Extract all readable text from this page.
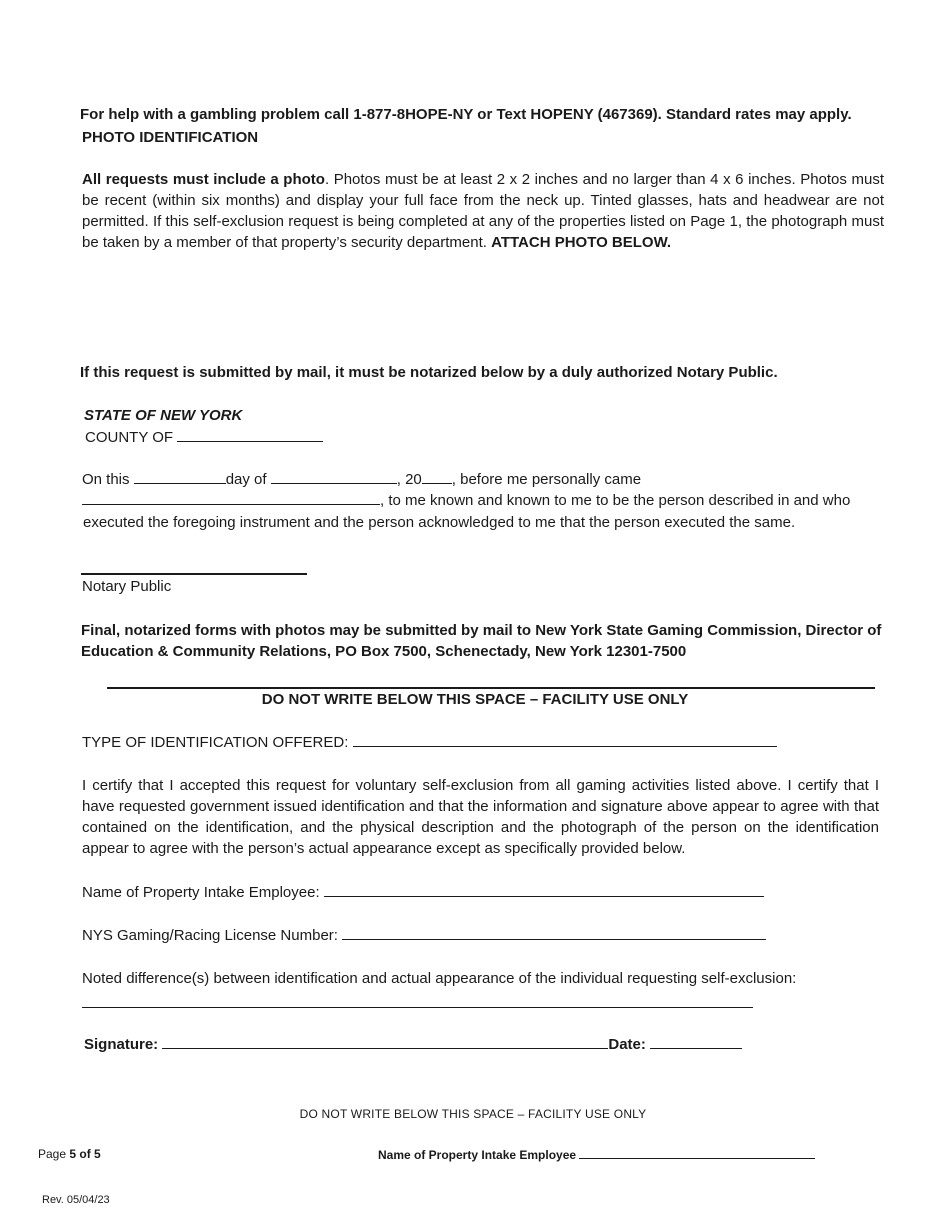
For help with a gambling problem call 1-877-8HOPE-NY or Text HOPENY (467369). Standard rates may apply.
PHOTO IDENTIFICATION
All requests must include a photo. Photos must be at least 2 x 2 inches and no larger than 4 x 6 inches. Photos must be recent (within six months) and display your full face from the neck up. Tinted glasses, hats and headwear are not permitted. If this self-exclusion request is being completed at any of the properties listed on Page 1, the photograph must be taken by a member of that property’s security department. ATTACH PHOTO BELOW.
If this request is submitted by mail, it must be notarized below by a duly authorized Notary Public.
STATE OF NEW YORK
COUNTY OF
On this	day of	, 20 , before me personally came
, to me known and known to me to be the person described in and who
executed the foregoing instrument and the person acknowledged to me that the person executed the same.
Notary Public
Final, notarized forms with photos may be submitted by mail to New York State Gaming Commission, Director of
Education & Community Relations, PO Box 7500, Schenectady, New York 12301-7500
DO NOT WRITE BELOW THIS SPACE – FACILITY USE ONLY
TYPE OF IDENTIFICATION OFFERED:
I certify that I accepted this request for voluntary self-exclusion from all gaming activities listed above. I certify that I have requested government issued identification and that the information and signature above appear to agree with that contained on the identification, and the physical description and the photograph of the person on the identification appear to agree with the person’s actual appearance except as specifically provided below.
Name of Property Intake Employee:
NYS Gaming/Racing License Number:
Noted difference(s) between identification and actual appearance of the individual requesting self-exclusion:
Signature:	Date:
DO NOT WRITE BELOW THIS SPACE – FACILITY USE ONLY
Page 5 of 5	Name of Property Intake Employee
Rev. 05/04/23
